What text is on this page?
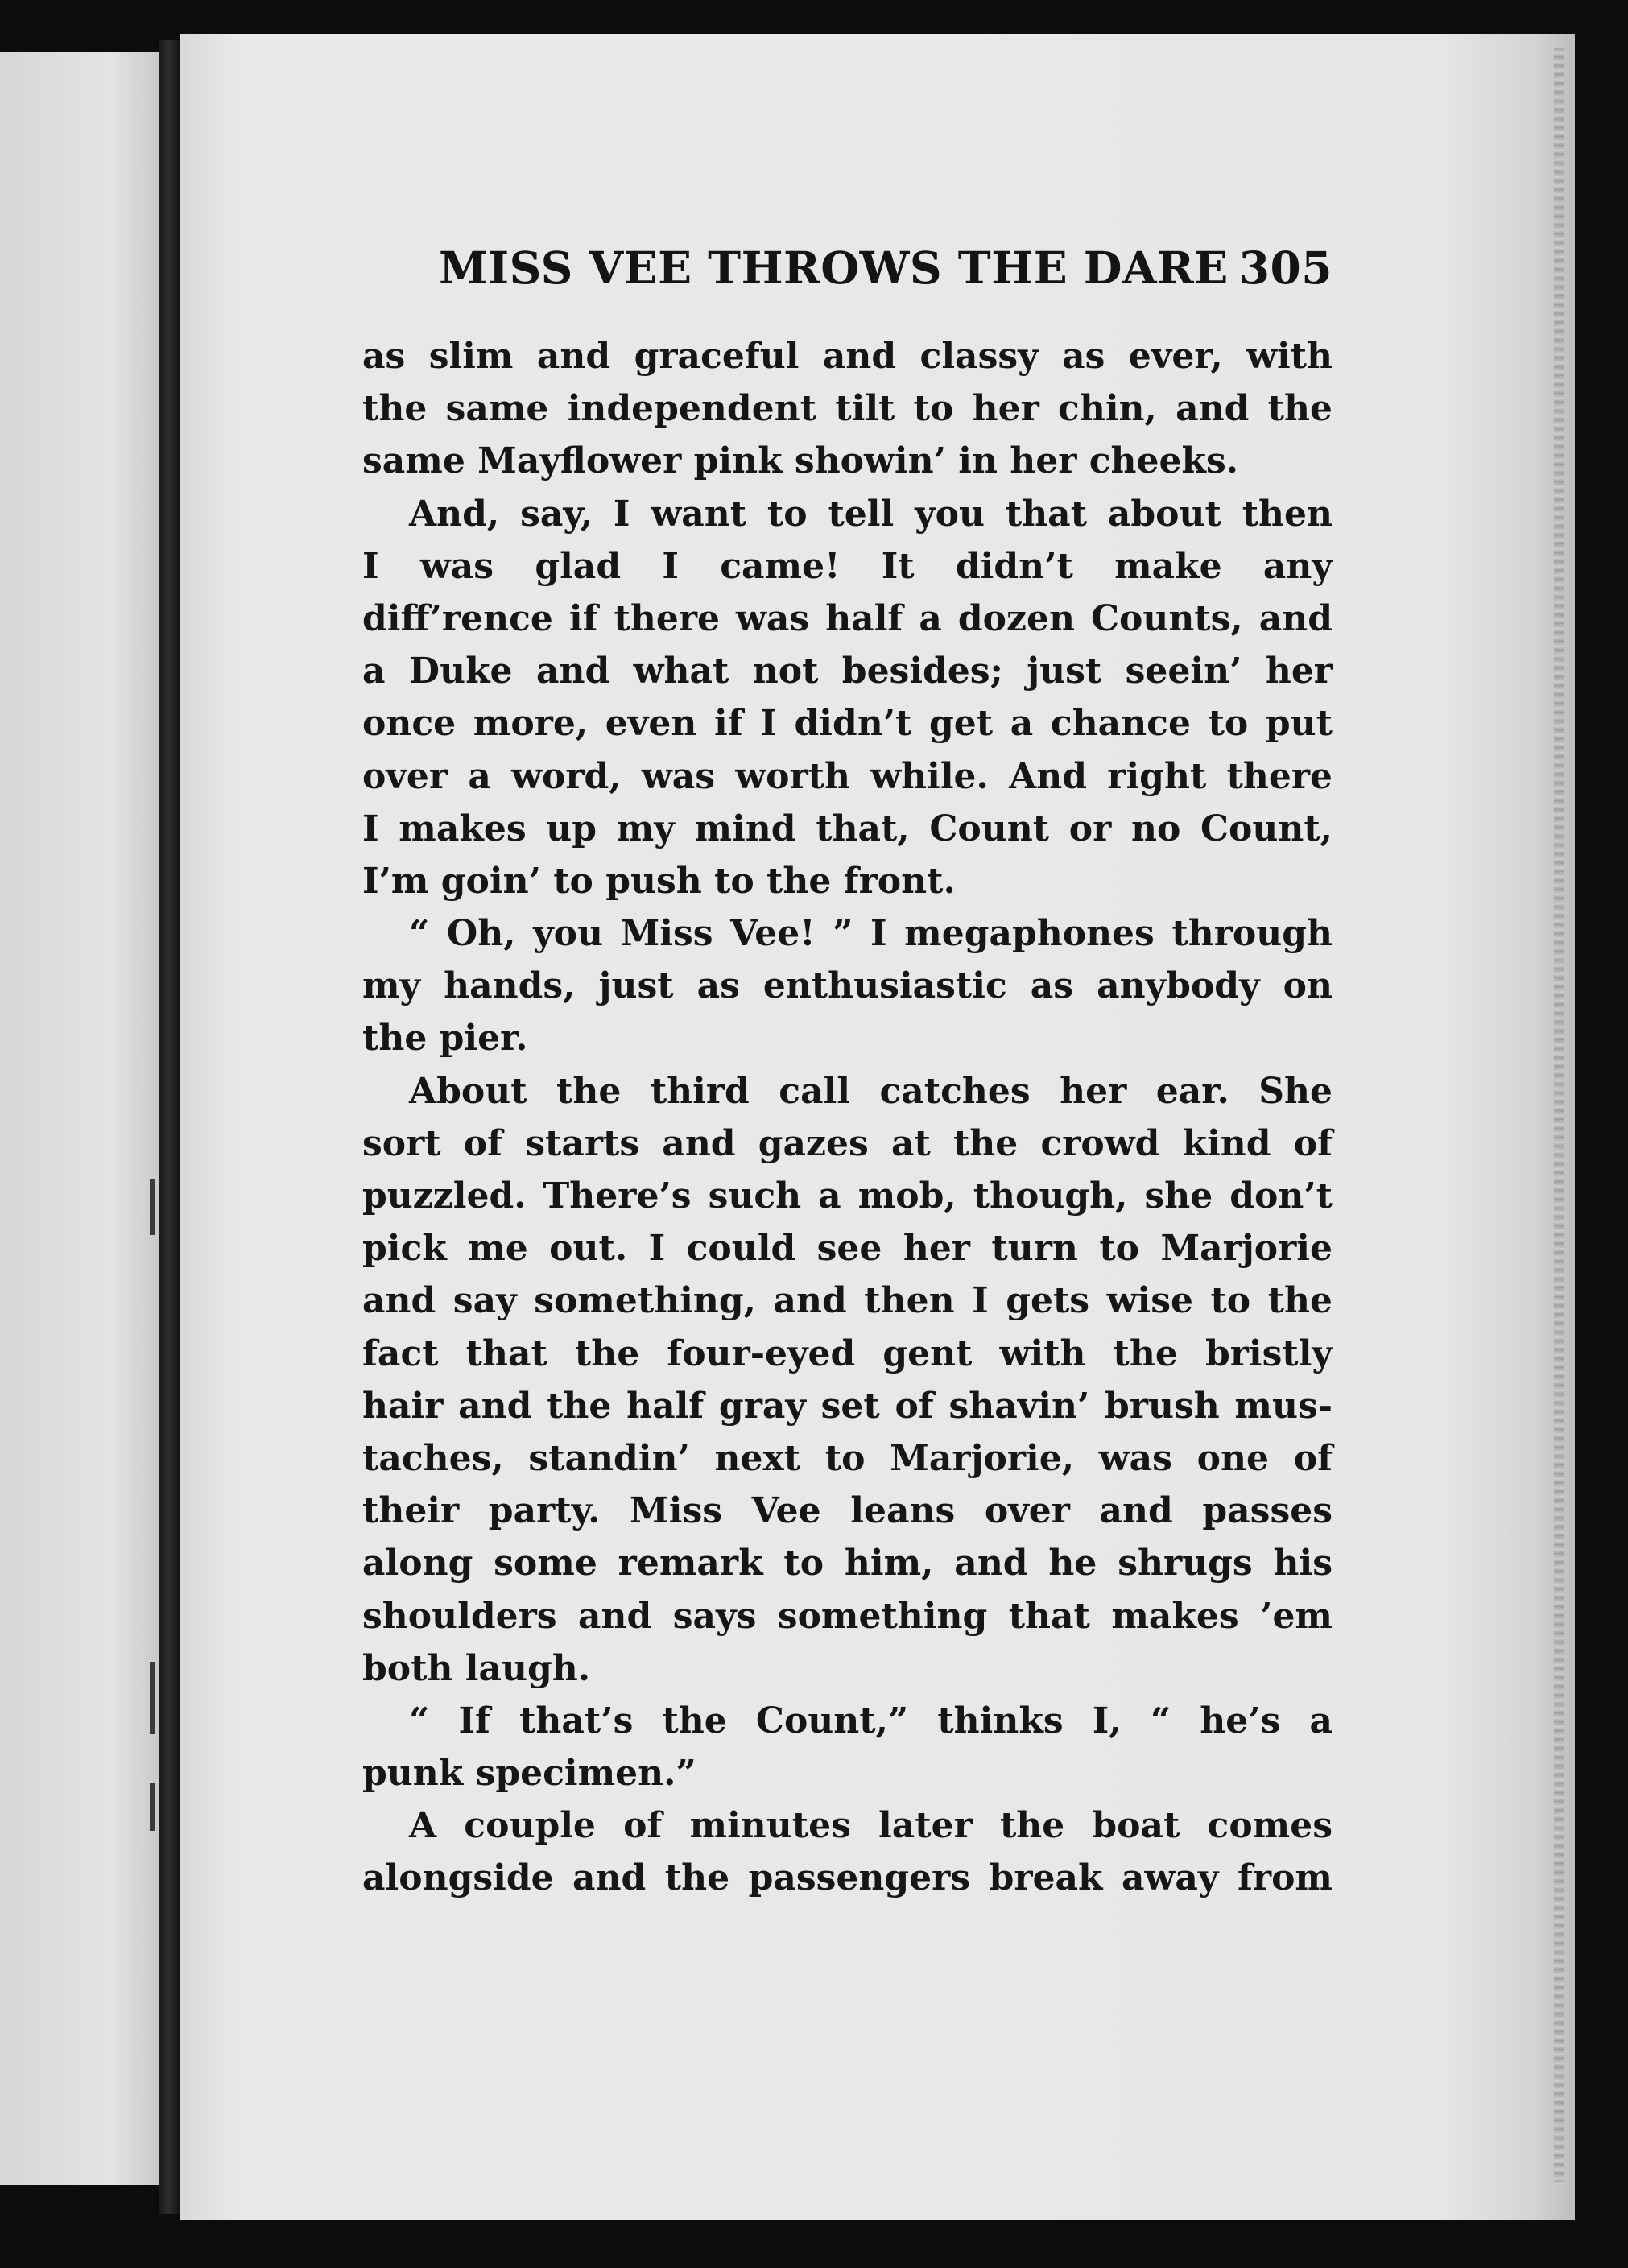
MISS VEE THROWS THE DARE 305
as slim and graceful and classy as ever, with
the same independent tilt to her chin, and the
same Mayflower pink showin’ in her cheeks.
And, say, I want to tell you that about then
I was glad I came! It didn’t make any
diff’rence if there was half a dozen Counts, and
a Duke and what not besides; just seein’ her
once more, even if I didn’t get a chance to put
over a word, was worth while. And right there
I makes up my mind that, Count or no Count,
I’m goin’ to push to the front.
“ Oh, you Miss Vee! ” I megaphones through
my hands, just as enthusiastic as anybody on
the pier.
About the third call catches her ear. She
sort of starts and gazes at the crowd kind of
puzzled. There’s such a mob, though, she don’t
pick me out. I could see her turn to Marjorie
and say something, and then I gets wise to the
fact that the four-eyed gent with the bristly
hair and the half gray set of shavin’ brush mus-
taches, standin’ next to Marjorie, was one of
their party. Miss Vee leans over and passes
along some remark to him, and he shrugs his
shoulders and says something that makes ’em
both laugh.
“ If that’s the Count,” thinks I, “ he’s a
punk specimen.”
A couple of minutes later the boat comes
alongside and the passengers break away from
